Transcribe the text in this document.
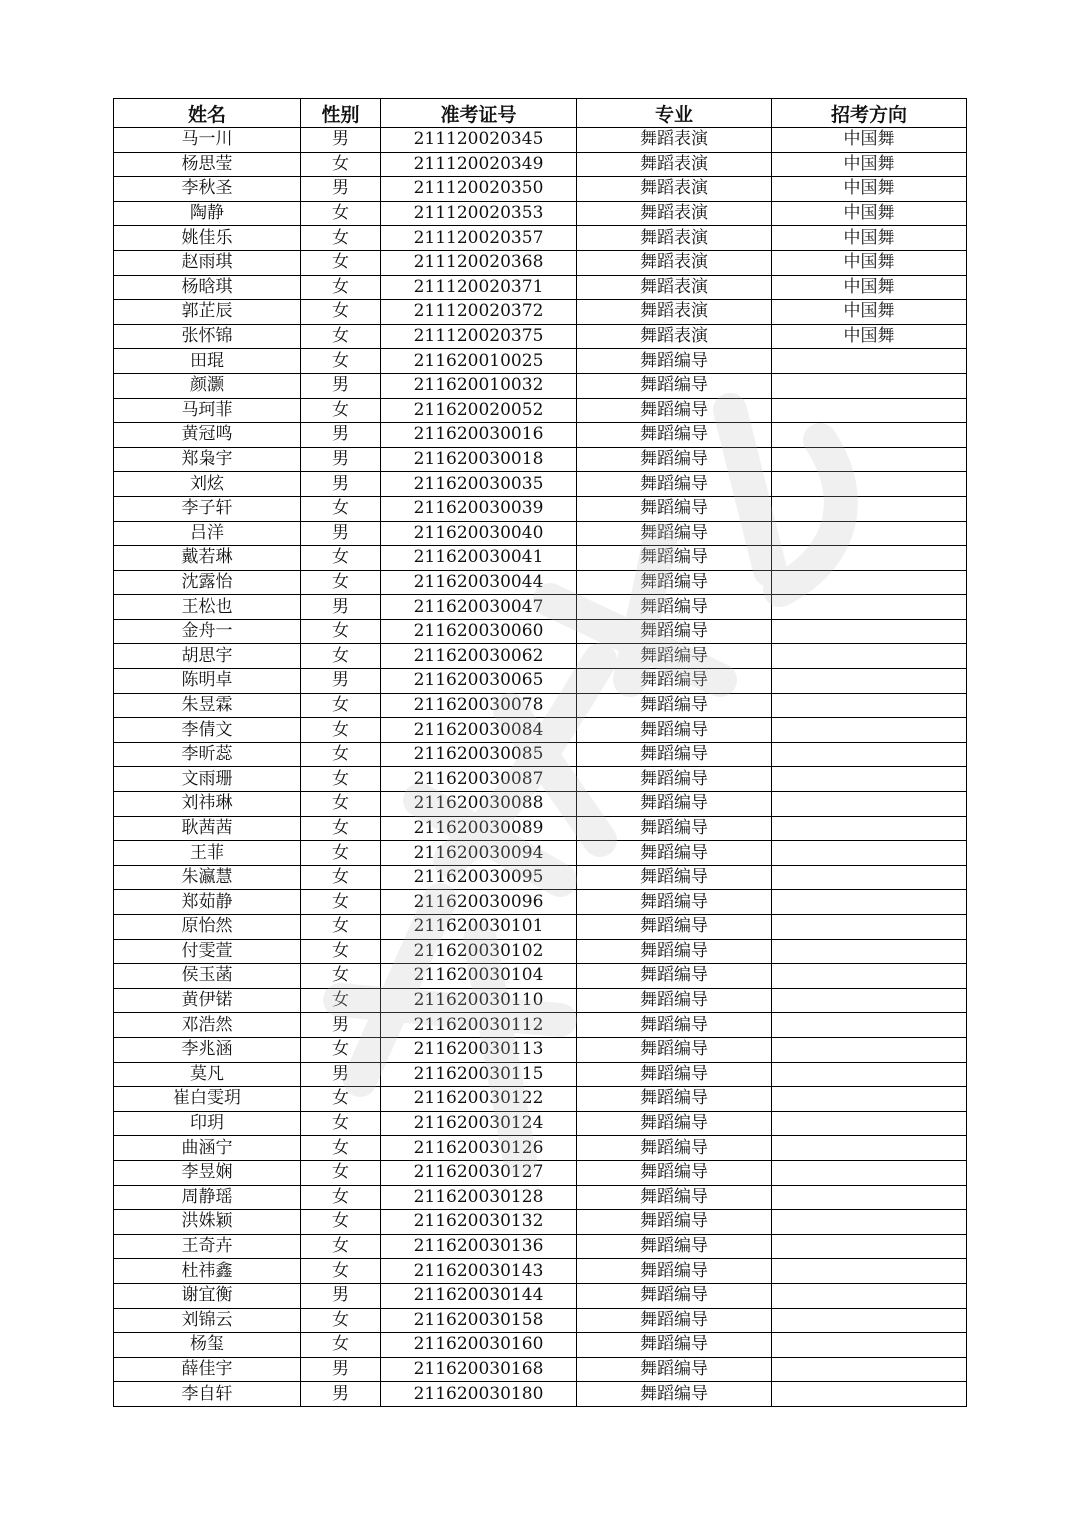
姓名	性别	准考证号	专业	招考方向
马一川	男	211120020345	舞蹈表演	中国舞
杨思莹	女	211120020349	舞蹈表演	中国舞
李秋圣	男	211120020350	舞蹈表演	中国舞
陶静	女	211120020353	舞蹈表演	中国舞
姚佳乐	女	211120020357	舞蹈表演	中国舞
赵雨琪	女	211120020368	舞蹈表演	中国舞
杨晗琪	女	211120020371	舞蹈表演	中国舞
郭芷辰	女	211120020372	舞蹈表演	中国舞
张怀锦	女	211120020375	舞蹈表演	中国舞
田琨	女	211620010025	舞蹈编导	
颜灏	男	211620010032	舞蹈编导	
马珂菲	女	211620020052	舞蹈编导	
黄冠鸣	男	211620030016	舞蹈编导	
郑枭宇	男	211620030018	舞蹈编导	
刘炫	男	211620030035	舞蹈编导	
李子轩	女	211620030039	舞蹈编导	
吕洋	男	211620030040	舞蹈编导	
戴若琳	女	211620030041	舞蹈编导	
沈露怡	女	211620030044	舞蹈编导	
王松也	男	211620030047	舞蹈编导	
金舟一	女	211620030060	舞蹈编导	
胡思宇	女	211620030062	舞蹈编导	
陈明卓	男	211620030065	舞蹈编导	
朱昱霖	女	211620030078	舞蹈编导	
李倩文	女	211620030084	舞蹈编导	
李昕蕊	女	211620030085	舞蹈编导	
文雨珊	女	211620030087	舞蹈编导	
刘祎琳	女	211620030088	舞蹈编导	
耿茜茜	女	211620030089	舞蹈编导	
王菲	女	211620030094	舞蹈编导	
朱瀛慧	女	211620030095	舞蹈编导	
郑茹静	女	211620030096	舞蹈编导	
原怡然	女	211620030101	舞蹈编导	
付雯萱	女	211620030102	舞蹈编导	
侯玉菡	女	211620030104	舞蹈编导	
黄伊锘	女	211620030110	舞蹈编导	
邓浩然	男	211620030112	舞蹈编导	
李兆涵	女	211620030113	舞蹈编导	
莫凡	男	211620030115	舞蹈编导	
崔白雯玥	女	211620030122	舞蹈编导	
印玥	女	211620030124	舞蹈编导	
曲涵宁	女	211620030126	舞蹈编导	
李昱娴	女	211620030127	舞蹈编导	
周静瑶	女	211620030128	舞蹈编导	
洪姝颖	女	211620030132	舞蹈编导	
王奇卉	女	211620030136	舞蹈编导	
杜祎鑫	女	211620030143	舞蹈编导	
谢宜衡	男	211620030144	舞蹈编导	
刘锦云	女	211620030158	舞蹈编导	
杨玺	女	211620030160	舞蹈编导	
薛佳宇	男	211620030168	舞蹈编导	
李自轩	男	211620030180	舞蹈编导	
